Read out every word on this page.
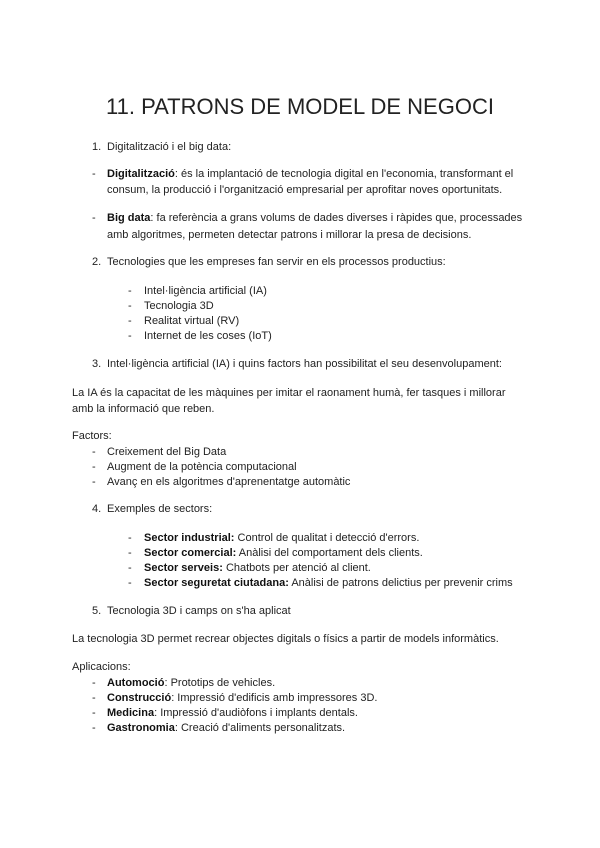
11. PATRONS DE MODEL DE NEGOCI
1. Digitalització i el big data:
- Digitalització: és la implantació de tecnologia digital en l'economia, transformant el
consum, la producció i l'organització empresarial per aprofitar noves oportunitats.
- Big data: fa referència a grans volums de dades diverses i ràpides que, processades
amb algoritmes, permeten detectar patrons i millorar la presa de decisions.
2. Tecnologies que les empreses fan servir en els processos productius:
- Intel·ligència artificial (IA)
- Tecnologia 3D
- Realitat virtual (RV)
- Internet de les coses (IoT)
3. Intel·ligència artificial (IA) i quins factors han possibilitat el seu desenvolupament:
La IA és la capacitat de les màquines per imitar el raonament humà, fer tasques i millorar
amb la informació que reben.
Factors:
- Creixement del Big Data
- Augment de la potència computacional
- Avanç en els algoritmes d'aprenentatge automàtic
4. Exemples de sectors:
- Sector industrial: Control de qualitat i detecció d'errors.
- Sector comercial: Anàlisi del comportament dels clients.
- Sector serveis: Chatbots per atenció al client.
- Sector seguretat ciutadana: Anàlisi de patrons delictius per prevenir crims
5. Tecnologia 3D i camps on s'ha aplicat
La tecnologia 3D permet recrear objectes digitals o físics a partir de models informàtics.
Aplicacions:
- Automoció: Prototips de vehicles.
- Construcció: Impressió d'edificis amb impressores 3D.
- Medicina: Impressió d'audiòfons i implants dentals.
- Gastronomia: Creació d'aliments personalitzats.
